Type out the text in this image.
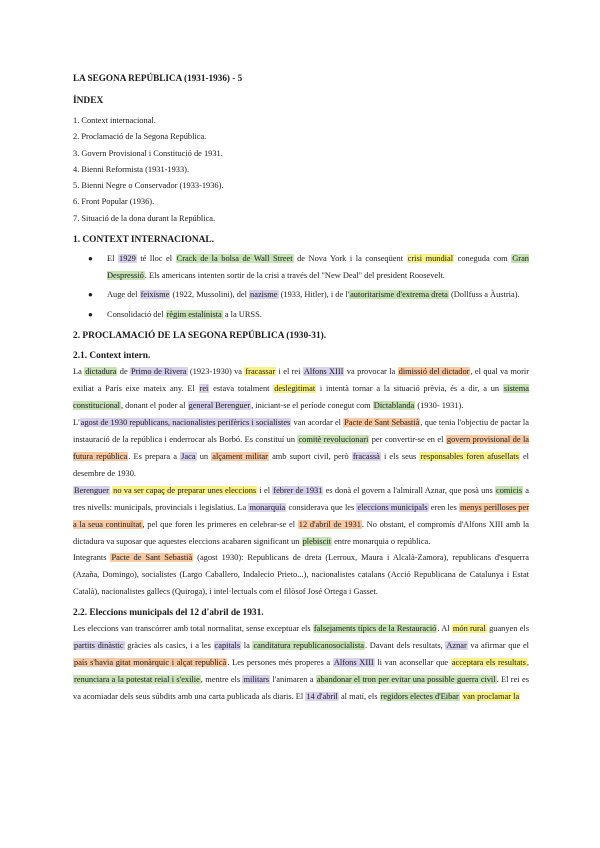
LA SEGONA REPÚBLICA (1931-1936) - 5
ÍNDEX
1. Context internacional.
2. Proclamació de la Segona República.
3. Govern Provisional i Constitució de 1931.
4. Bienni Reformista (1931-1933).
5. Bienni Negre o Conservador (1933-1936).
6. Front Popular (1936).
7. Situació de la dona durant la República.
1. CONTEXT INTERNACIONAL.
● El 1929 té lloc el Crack de la bolsa de Wall Street de Nova York i la conseqüent crisi mundial coneguda com Gran Despressió. Els americans intenten sortir de la crisi a través del "New Deal" del president Roosevelt.
● Auge del feixisme (1922, Mussolini), del nazisme (1933, Hitler), i de l'autoritarisme d'extrema dreta (Dollfuss a Àustria).
● Consolidació del règim estalinista a la URSS.
2. PROCLAMACIÓ DE LA SEGONA REPÚBLICA (1930-31).
2.1. Context intern.

La dictadura de Primo de Rivera (1923-1930) va fracassar i el rei Alfons XIII va provocar la dimissió del dictador, el qual va morir exiliat a París eixe mateix any. El rei estava totalment deslegitimat i intentà tornar a la situació prèvia, és a dir, a un sistema constitucional, donant el poder al general Berenguer, iniciant-se el període conegut com Dictablanda (1930- 1931).

L'agost de 1930 republicans, nacionalistes perifèrics i socialistes van acordar el Pacte de Sant Sebastià, que tenia l'objectiu de pactar la instauració de la república i enderrocar als Borbó. Es constituí un comitè revolucionari per convertir-se en el govern provisional de la futura república. Es prepara a Jaca un alçament militar amb suport civil, però fracassà i els seus responsables foren afusellats el desembre de 1930.

Berenguer no va ser capaç de preparar unes eleccions i el febrer de 1931 es donà el govern a l'almirall Aznar, que posà uns comicis a tres nivells: municipals, provincials i legislatius. La monarquia considerava que les eleccions municipals eren les menys perilloses per a la seua continuïtat, pel que foren les primeres en celebrar-se el 12 d'abril de 1931. No obstant, el compromís d'Alfons XIII amb la dictadura va suposar que aquestes eleccions acabaren significant un plebiscit entre monarquia o república.

Integrants Pacte de Sant Sebastià (agost 1930): Republicans de dreta (Lerroux, Maura i Alcalà-Zamora), republicans d'esquerra (Azaña, Domingo), socialistes (Largo Caballero, Indalecio Prieto...), nacionalistes catalans (Acció Republicana de Catalunya i Estat Català), nacionalistes gallecs (Quiroga), i intel·lectuals com el filòsof José Ortega i Gasset.

2.2. Eleccions municipals del 12 d'abril de 1931.

Les eleccions van transcórrer amb total normalitat, sense exceptuar els falsejaments típics de la Restauració. Al món rural guanyen els partits dinàstic gràcies als casics, i a les capitals la canditatura republicanosocialista. Davant dels resultats, Aznar va afirmar que el país s'havia gitat monàrquic i alçat republicà. Les persones més properes a Alfons XIII li van aconsellar que acceptara els resultats, renunciara a la potestat reial i s'exilie, mentre els militars l'animaren a abandonar el tron per evitar una possible guerra civil. El rei es va acomiadar dels seus súbdits amb una carta publicada als diaris. El 14 d'abril al matí, els regidors electes d'Eibar van proclamar la
